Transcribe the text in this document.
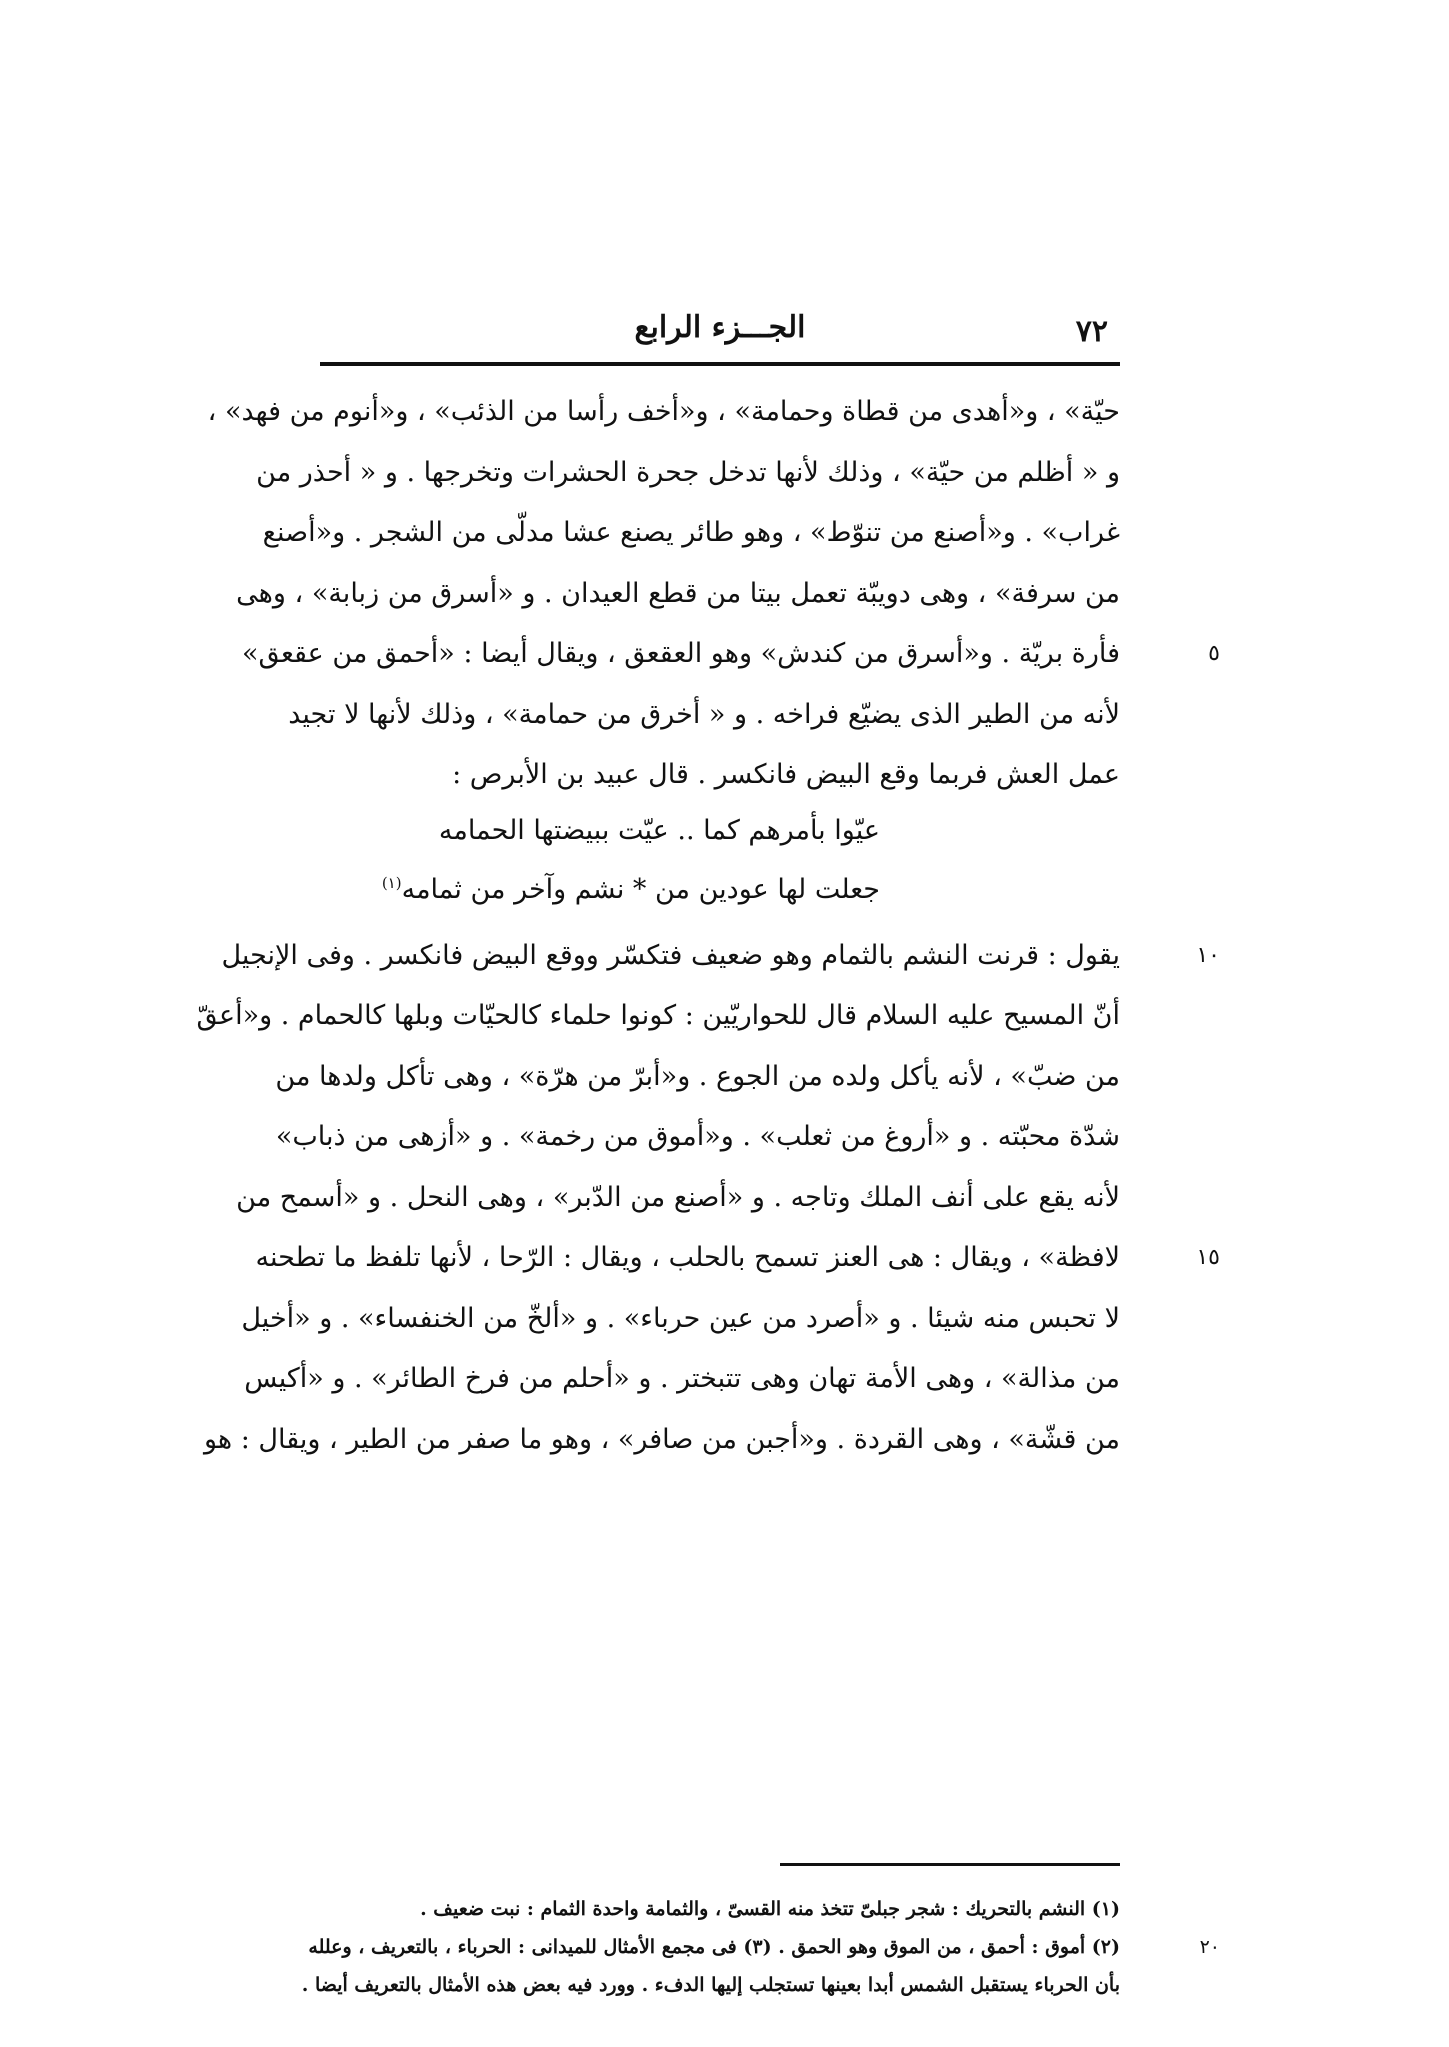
٧٢
الجـــزء الرابع
حيّة» ، و«أهدى من قطاة وحمامة» ، و«أخف رأسا من الذئب» ، و«أنوم من فهد» ،
و « أظلم من حيّة» ، وذلك لأنها تدخل جحرة الحشرات وتخرجها . و « أحذر من
غراب» . و«أصنع من تنوّط» ، وهو طائر يصنع عشا مدلّى من الشجر . و«أصنع
من سرفة» ، وهى دويبّة تعمل بيتا من قطع العيدان . و «أسرق من زبابة» ، وهى
فأرة بريّة . و«أسرق من كندش» وهو العقعق ، ويقال أيضا : «أحمق من عقعق»	٥
لأنه من الطير الذى يضيّع فراخه . و « أخرق من حمامة» ، وذلك لأنها لا تجيد
عمل العش فربما وقع البيض فانكسر . قال عبيد بن الأبرص :
عيّوا بأمرهم كما .. عيّت ببيضتها الحمامه
جعلت لها عودين من * نشم وآخر من ثمامه$^{(١)}$
يقول : قرنت النشم بالثمام وهو ضعيف فتكسّر ووقع البيض فانكسر . وفى الإنجيل	١٠
أنّ المسيح عليه السلام قال للحواريّين : كونوا حلماء كالحيّات وبلها كالحمام . و«أعقّ
من ضبّ» ، لأنه يأكل ولده من الجوع . و«أبرّ من هرّة» ، وهى تأكل ولدها من
شدّة محبّته . و «أروغ من ثعلب» . و«أموق من رخمة» . و «أزهى من ذباب»
لأنه يقع على أنف الملك وتاجه . و «أصنع من الدّبر» ، وهى النحل . و «أسمح من
لافظة» ، ويقال : هى العنز تسمح بالحلب ، ويقال : الرّحا ، لأنها تلفظ ما تطحنه	١٥
لا تحبس منه شيئا . و «أصرد من عين حرباء» . و «ألخّ من الخنفساء» . و «أخيل
من مذالة» ، وهى الأمة تهان وهى تتبختر . و «أحلم من فرخ الطائر» . و «أكيس
من قشّة» ، وهى القردة . و«أجبن من صافر» ، وهو ما صفر من الطير ، ويقال : هو
(١) النشم بالتحريك : شجر جبلىّ تتخذ منه القسىّ ، والثمامة واحدة الثمام : نبت ضعيف .
(٢) أموق : أحمق ، من الموق وهو الحمق . (٣) فى مجمع الأمثال للميدانى : الحرباء ، بالتعريف ، وعلله	٢٠
بأن الحرباء يستقبل الشمس أبدا بعينها تستجلب إليها الدفء . وورد فيه بعض هذه الأمثال بالتعريف أيضا .
